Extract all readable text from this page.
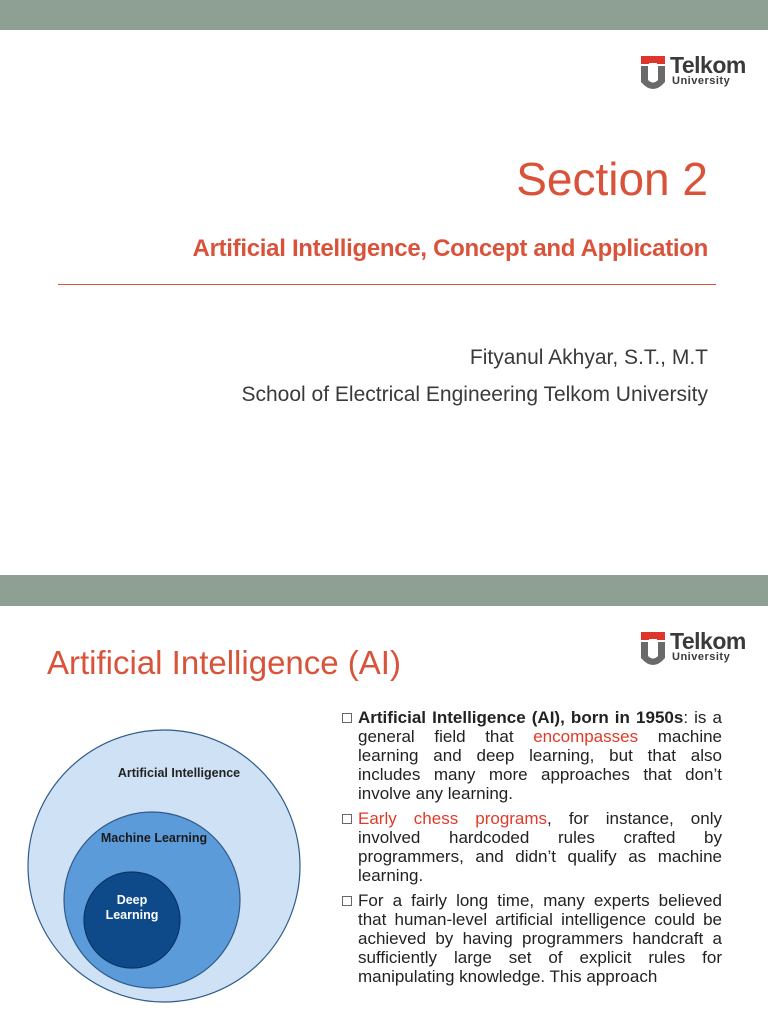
Telkom
University
Section 2
Artificial Intelligence, Concept and Application
Fityanul Akhyar, S.T., M.T
School of Electrical Engineering Telkom University
Telkom
University
Artificial Intelligence (AI)
Artificial Intelligence
Machine Learning
Deep
Learning
Artificial Intelligence (AI), born in 1950s: is a general field that encompasses machine learning and deep learning, but that also includes many more approaches that don’t involve any learning.
Early chess programs, for instance, only involved hardcoded rules crafted by programmers, and didn’t qualify as machine learning.
For a fairly long time, many experts believed that human-level artificial intelligence could be achieved by having programmers handcraft a sufficiently large set of explicit rules for manipulating knowledge. This approach
